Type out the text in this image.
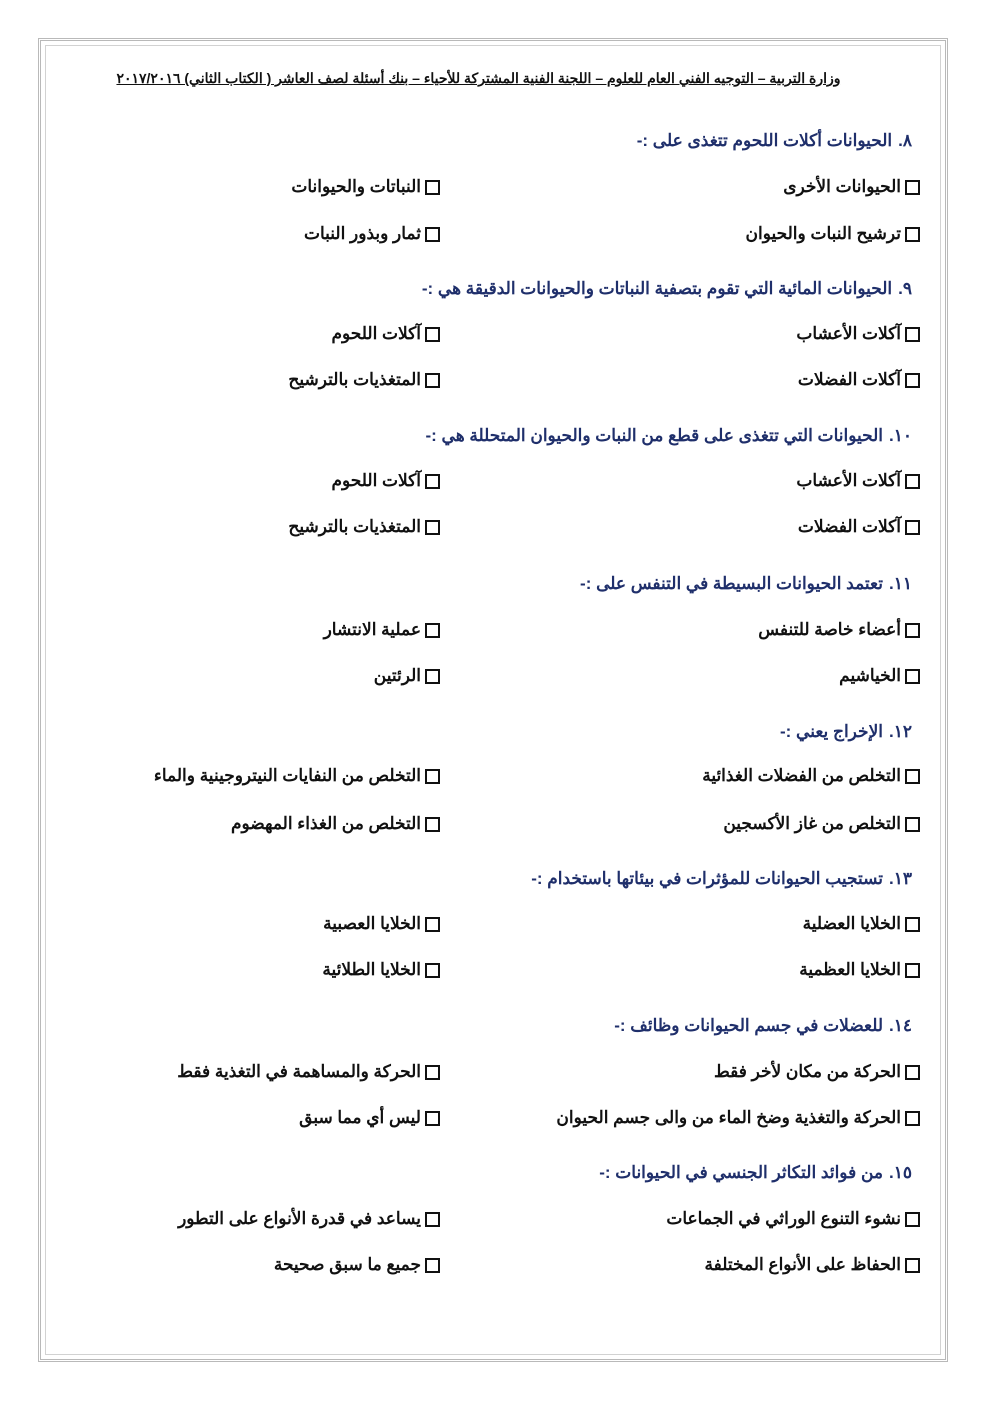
وزارة التربية – التوجيه الفني العام للعلوم – اللجنة الفنية المشتركة للأحياء – بنك أسئلة لصف العاشر ( الكتاب الثاني) ٢٠١٧/٢٠١٦
٨.الحيوانات أكلات اللحوم تتغذى على :-
الحيوانات الأخرى
النباتات والحيوانات
ترشيح النبات والحيوان
ثمار وبذور النبات
٩.الحيوانات المائية التي تقوم بتصفية النباتات والحيوانات الدقيقة هي :-
آكلات الأعشاب
آكلات اللحوم
آكلات الفضلات
المتغذيات بالترشيح
١٠.الحيوانات التي تتغذى على قطع من النبات والحيوان المتحللة هي :-
آكلات الأعشاب
آكلات اللحوم
آكلات الفضلات
المتغذيات بالترشيح
١١.تعتمد الحيوانات البسيطة في التنفس على :-
أعضاء خاصة للتنفس
عملية الانتشار
الخياشيم
الرئتين
١٢.الإخراج يعني :-
التخلص من الفضلات الغذائية
التخلص من النفايات النيتروجينية والماء
التخلص من غاز الأكسجين
التخلص من الغذاء المهضوم
١٣.تستجيب الحيوانات للمؤثرات في بيئاتها باستخدام :-
الخلايا العضلية
الخلايا العصبية
الخلايا العظمية
الخلايا الطلائية
١٤.للعضلات في جسم الحيوانات وظائف :-
الحركة من مكان لأخر فقط
الحركة والمساهمة في التغذية فقط
الحركة والتغذية وضخ الماء من والى جسم الحيوان
ليس أي مما سبق
١٥.من فوائد التكاثر الجنسي في الحيوانات :-
نشوء التنوع الوراثي في الجماعات
يساعد في قدرة الأنواع على التطور
الحفاظ على الأنواع المختلفة
جميع ما سبق صحيحة
